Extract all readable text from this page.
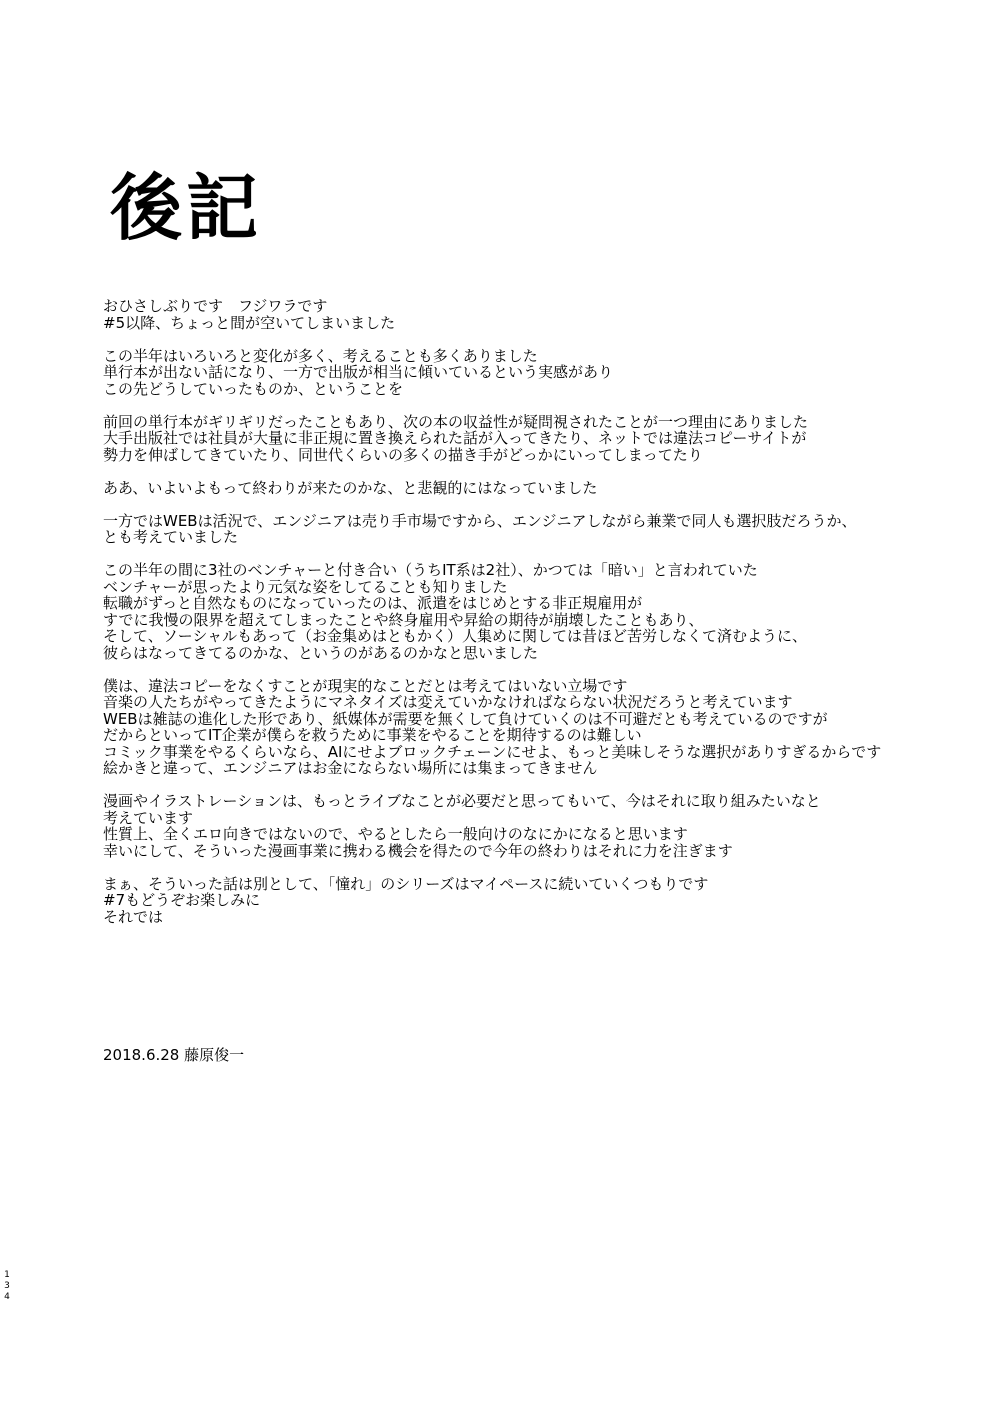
後記
おひさしぶりです　フジワラです
#5以降、ちょっと間が空いてしまいました
この半年はいろいろと変化が多く、考えることも多くありました
単行本が出ない話になり、一方で出版が相当に傾いているという実感があり
この先どうしていったものか、ということを
前回の単行本がギリギリだったこともあり、次の本の収益性が疑問視されたことが一つ理由にありました
大手出版社では社員が大量に非正規に置き換えられた話が入ってきたり、ネットでは違法コピーサイトが
勢力を伸ばしてきていたり、同世代くらいの多くの描き手がどっかにいってしまってたり
ああ、いよいよもって終わりが来たのかな、と悲観的にはなっていました
一方ではWEBは活況で、エンジニアは売り手市場ですから、エンジニアしながら兼業で同人も選択肢だろうか、
とも考えていました
この半年の間に3社のベンチャーと付き合い（うちIT系は2社）、かつては「暗い」と言われていた
ベンチャーが思ったより元気な姿をしてることも知りました
転職がずっと自然なものになっていったのは、派遣をはじめとする非正規雇用が
すでに我慢の限界を超えてしまったことや終身雇用や昇給の期待が崩壊したこともあり、
そして、ソーシャルもあって（お金集めはともかく）人集めに関しては昔ほど苦労しなくて済むように、
彼らはなってきてるのかな、というのがあるのかなと思いました
僕は、違法コピーをなくすことが現実的なことだとは考えてはいない立場です
音楽の人たちがやってきたようにマネタイズは変えていかなければならない状況だろうと考えています
WEBは雑誌の進化した形であり、紙媒体が需要を無くして負けていくのは不可避だとも考えているのですが
だからといってIT企業が僕らを救うために事業をやることを期待するのは難しい
コミック事業をやるくらいなら、AIにせよブロックチェーンにせよ、もっと美味しそうな選択がありすぎるからです
絵かきと違って、エンジニアはお金にならない場所には集まってきません
漫画やイラストレーションは、もっとライブなことが必要だと思ってもいて、今はそれに取り組みたいなと
考えています
性質上、全くエロ向きではないので、やるとしたら一般向けのなにかになると思います
幸いにして、そういった漫画事業に携わる機会を得たので今年の終わりはそれに力を注ぎます
まぁ、そういった話は別として、「憧れ」のシリーズはマイペースに続いていくつもりです
#7もどうぞお楽しみに
それでは
2018.6.28 藤原俊一
1
3
4
